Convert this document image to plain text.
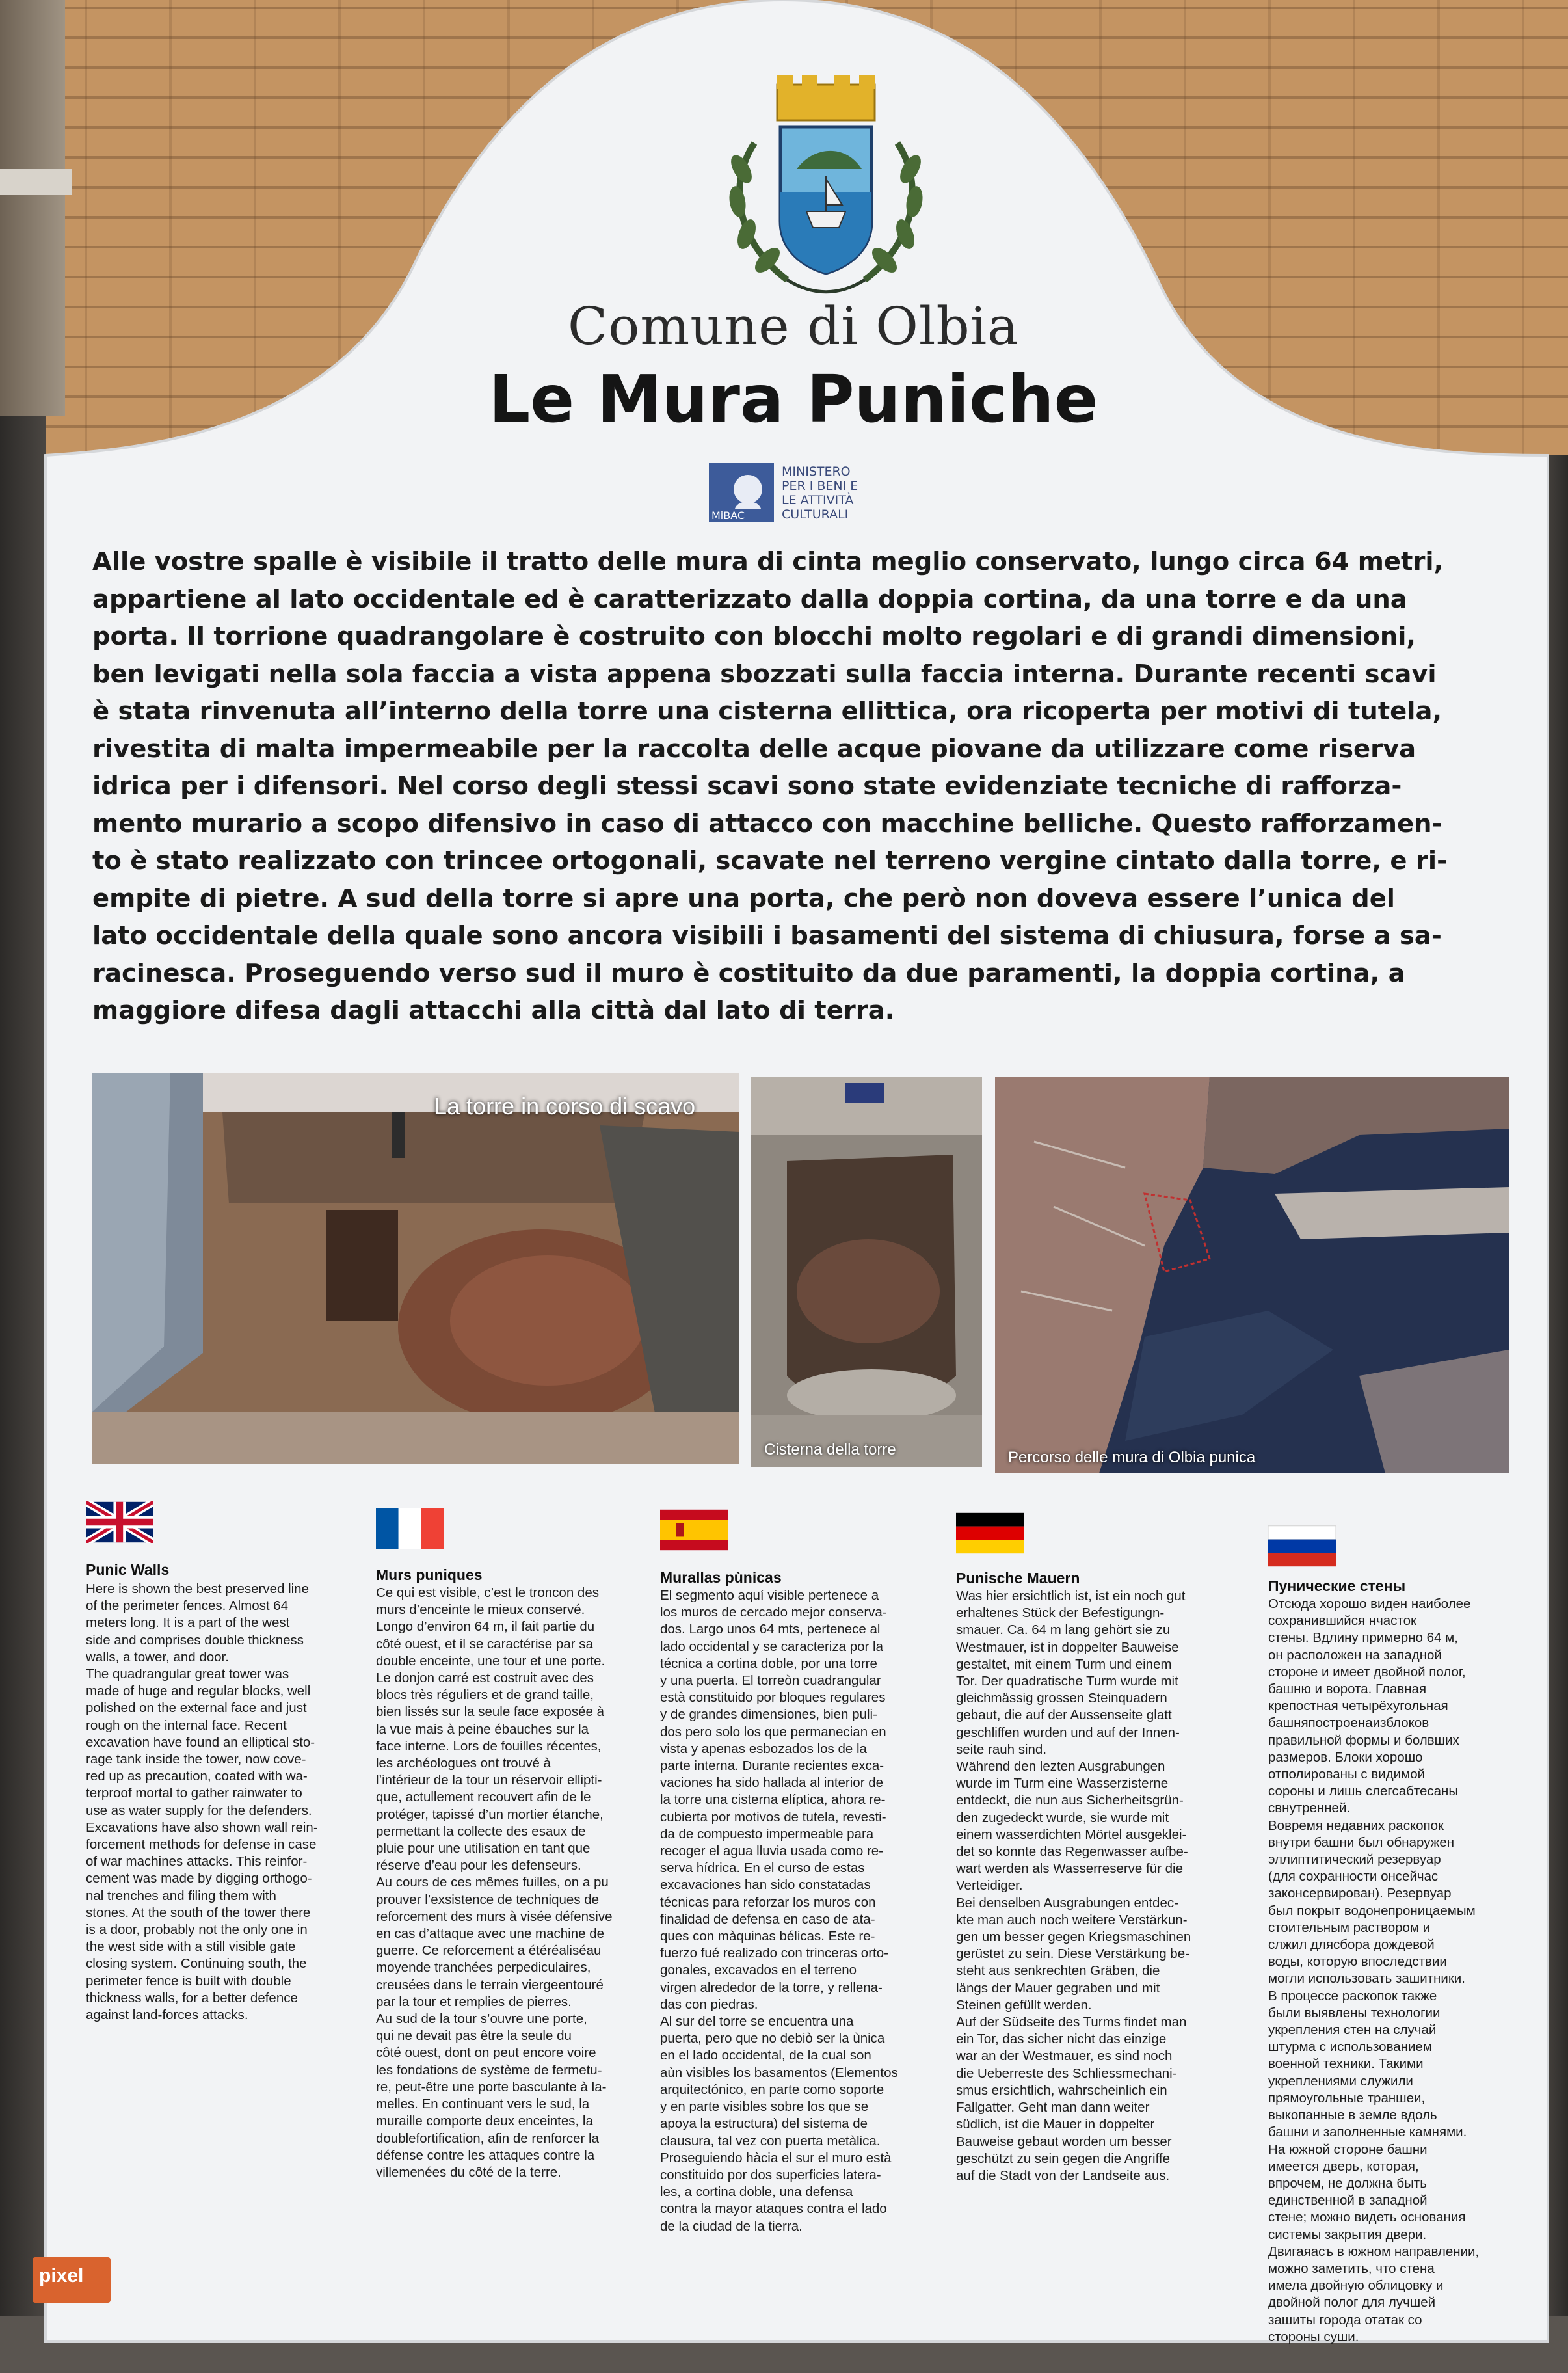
Comune di Olbia
Le Mura Puniche
MiBAC
MINISTERO
PER I BENI E
LE ATTIVITÀ
CULTURALI
Alle vostre spalle è visibile il tratto delle mura di cinta meglio conservato, lungo circa 64 metri,
appartiene al lato occidentale ed è caratterizzato dalla doppia cortina, da una torre e da una
porta. Il torrione quadrangolare è costruito con blocchi molto regolari e di grandi dimensioni,
ben levigati nella sola faccia a vista appena sbozzati sulla faccia interna. Durante recenti scavi
è stata rinvenuta all’interno della torre una cisterna ellittica, ora ricoperta per motivi di tutela,
rivestita di malta impermeabile per la raccolta delle acque piovane da utilizzare come riserva
idrica per i difensori. Nel corso degli stessi scavi sono state evidenziate tecniche di rafforza-
mento murario a scopo difensivo in caso di attacco con macchine belliche. Questo rafforzamen-
to è stato realizzato con trincee ortogonali, scavate nel terreno vergine cintato dalla torre, e ri-
empite di pietre. A sud della torre si apre una porta, che però non doveva essere l’unica del
lato occidentale della quale sono ancora visibili i basamenti del sistema di chiusura, forse a sa-
racinesca. Proseguendo verso sud il muro è costituito da due paramenti, la doppia cortina, a
maggiore difesa dagli attacchi alla città dal lato di terra.
La torre in corso di scavo
Cisterna della torre	Percorso delle mura di Olbia punica
Punic Walls
Here is shown the best preserved line
of the perimeter fences. Almost 64
meters long. It is a part of the west
side and comprises double thickness
walls, a tower, and door.
The quadrangular great tower was
made of huge and regular blocks, well
polished on the external face and just
rough on the internal face. Recent
excavation have found an elliptical sto-
rage tank inside the tower, now cove-
red up as precaution, coated with wa-
terproof mortal to gather rainwater to
use as water supply for the defenders.
Excavations have also shown wall rein-
forcement methods for defense in case
of war machines attacks. This reinfor-
cement was made by digging orthogo-
nal trenches and filing them with
stones. At the south of the tower there
is a door, probably not the only one in
the west side with a still visible gate
closing system. Continuing south, the
perimeter fence is built with double
thickness walls, for a better defence
against land-forces attacks.
Murs puniques
Ce qui est visible, c’est le troncon des
murs d’enceinte le mieux conservé.
Longo d’environ 64 m, il fait partie du
côté ouest, et il se caractérise par sa
double enceinte, une tour et une porte.
Le donjon carré est costruit avec des
blocs très réguliers et de grand taille,
bien lissés sur la seule face exposée à
la vue mais à peine ébauches sur la
face interne. Lors de fouilles récentes,
les archéologues ont trouvé à
l’intérieur de la tour un réservoir ellipti-
que, actullement recouvert afin de le
protéger, tapissé d’un mortier étanche,
permettant la collecte des esaux de
pluie pour une utilisation en tant que
réserve d’eau pour les defenseurs.
Au cours de ces mêmes fuilles, on a pu
prouver l’exsistence de techniques de
reforcement des murs à visée défensive
en cas d’attaque avec une machine de
guerre. Ce reforcement a étéréaliséau
moyende tranchées perpediculaires,
creusées dans le terrain viergeentouré
par la tour et remplies de pierres.
Au sud de la tour s’ouvre une porte,
qui ne devait pas être la seule du
côté ouest, dont on peut encore voire
les fondations de système de fermetu-
re, peut-être une porte basculante à la-
melles. En continuant vers le sud, la
muraille comporte deux enceintes, la
doublefortification, afin de renforcer la
défense contre les attaques contre la
villemenées du côté de la terre.
Murallas pùnicas
El segmento aquí visible pertenece a
los muros de cercado mejor conserva-
dos. Largo unos 64 mts, pertenece al
lado occidental y se caracteriza por la
técnica a cortina doble, por una torre
y una puerta. El torreòn cuadrangular
està constituido por bloques regulares
y de grandes dimensiones, bien puli-
dos pero solo los que permanecian en
vista y apenas esbozados los de la
parte interna. Durante recientes exca-
vaciones ha sido hallada al interior de
la torre una cisterna elíptica, ahora re-
cubierta por motivos de tutela, revesti-
da de compuesto impermeable para
recoger el agua lluvia usada como re-
serva hídrica. En el curso de estas
excavaciones han sido constatadas
técnicas para reforzar los muros con
finalidad de defensa en caso de ata-
ques con màquinas bélicas. Este re-
fuerzo fué realizado con trinceras orto-
gonales, excavados en el terreno
virgen alrededor de la torre, y rellena-
das con piedras.
Al sur del torre se encuentra una
puerta, pero que no debiò ser la ùnica
en el lado occidental, de la cual son
aùn visibles los basamentos (Elementos
arquitectónico, en parte como soporte
y en parte visibles sobre los que se
apoya la estructura) del sistema de
clausura, tal vez con puerta metàlica.
Proseguiendo hàcia el sur el muro està
constituido por dos superficies latera-
les, a cortina doble, una defensa
contra la mayor ataques contra el lado
de la ciudad de la tierra.
Punische Mauern
Was hier ersichtlich ist, ist ein noch gut
erhaltenes Stück der Befestigungn-
smauer. Ca. 64 m lang gehört sie zu
Westmauer, ist in doppelter Bauweise
gestaltet, mit einem Turm und einem
Tor. Der quadratische Turm wurde mit
gleichmässig grossen Steinquadern
gebaut, die auf der Aussenseite glatt
geschliffen wurden und auf der Innen-
seite rauh sind.
Während den lezten Ausgrabungen
wurde im Turm eine Wasserzisterne
entdeckt, die nun aus Sicherheitsgrün-
den zugedeckt wurde, sie wurde mit
einem wasserdichten Mörtel ausgeklei-
det so konnte das Regenwasser aufbe-
wart werden als Wasserreserve für die
Verteidiger.
Bei denselben Ausgrabungen entdec-
kte man auch noch weitere Verstärkun-
gen um besser gegen Kriegsmaschinen
gerüstet zu sein. Diese Verstärkung be-
steht aus senkrechten Gräben, die
längs der Mauer gegraben und mit
Steinen gefüllt werden.
Auf der Südseite des Turms findet man
ein Tor, das sicher nicht das einzige
war an der Westmauer, es sind noch
die Ueberreste des Schliessmechani-
smus ersichtlich, wahrscheinlich ein
Fallgatter. Geht man dann weiter
südlich, ist die Mauer in doppelter
Bauweise gebaut worden um besser
geschützt zu sein gegen die Angriffe
auf die Stadt von der Landseite aus.
Пунические стены
Отсюда хорошо виден наиболее
сохранившийся нчасток
стены. Вдлину примерно 64 м,
он расположен на западной
стороне и имеет двойной полог,
башню и ворота. Главная
крепостная четырёхугольная
башняпостроенаизблоков
правильной формы и болвших
размеров. Блоки хорошо
отполированы с видимой
сороны и лишь слегсабтесаны
свнутренней.
Вовремя недавних раскопок
внутри башни был обнаружен
эллиптитический резервуар
(для сохранности онсейчас
законсервирован). Резервуар
был покрыт водонепроницаемым
стоительным раствором и
слжил длясбора дождевой
воды, которую впоследствии
могли использовать зашитники.
В процессе раскопок также
были выявлены технологии
укрепления стен на случай
штурма с использованием
военной техники. Такими
укреплениями служили
прямоугольные траншеи,
выкопанные в земле вдоль
башни и заполненные камнями.
На южной стороне башни
имеется дверь, которая,
впрочем, не должна быть
единственной в западной
стене; можно видеть основания
системы закрытия двери.
Двигаяасъ в южном направлении,
можно заметить, что стена
имела двойную облицовку и
двойной полог для лучшей
зашиты города отатак со
стороны суши.
pixel
